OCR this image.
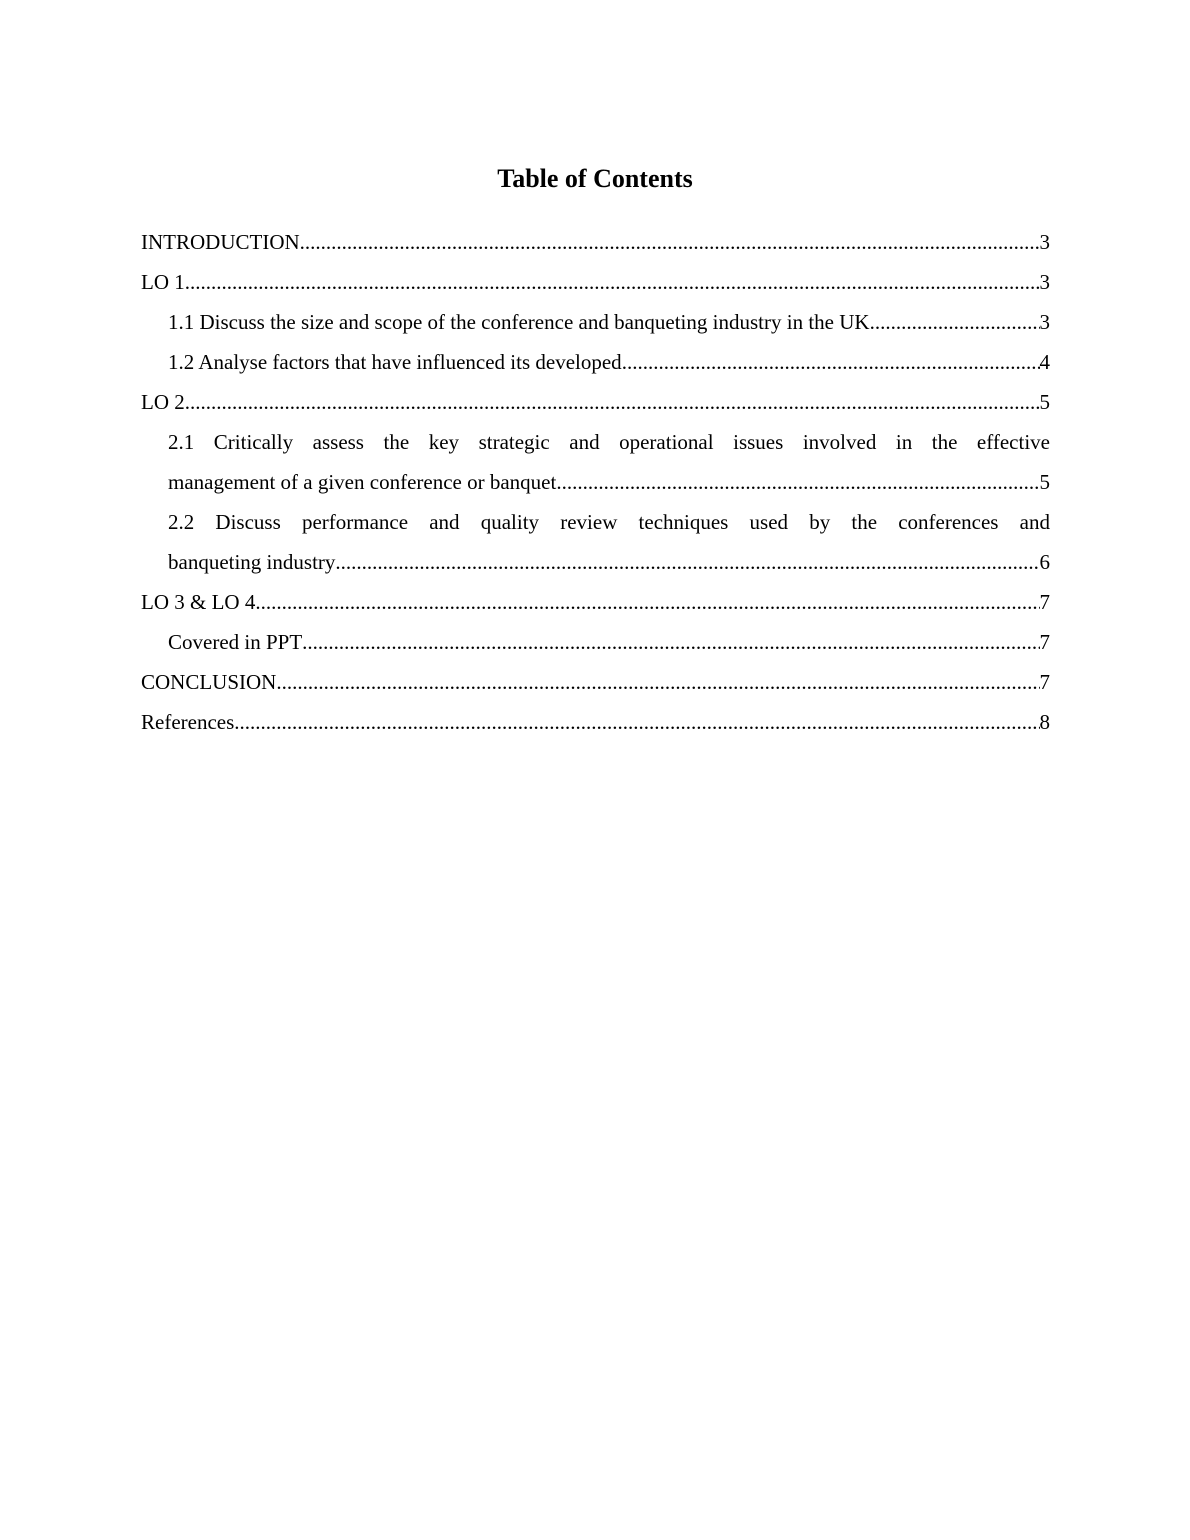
Table of Contents
INTRODUCTION .....	3
LO 1 .....	3
1.1 Discuss the size and scope of the conference and banqueting industry in the UK .....	3
1.2 Analyse factors that have influenced its developed .....	4
LO 2 .....	5
2.1 Critically assess the key strategic and operational issues involved in the effective
management of a given conference or banquet .....	5
2.2 Discuss performance and quality review techniques used by the conferences and
banqueting industry .....	6
LO 3 & LO 4 .....	7
Covered in PPT .....	7
CONCLUSION .....	7
References .....	8
